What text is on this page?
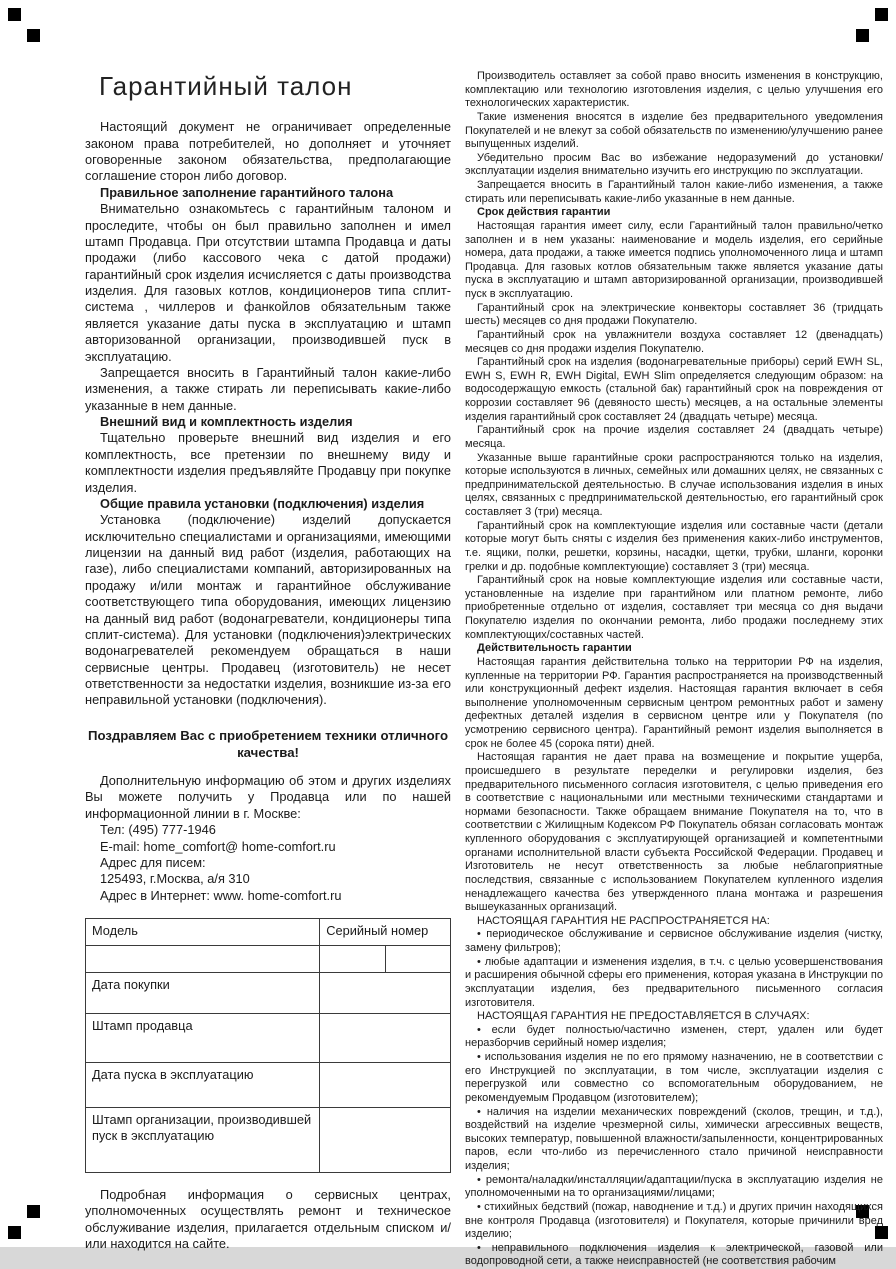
Гарантийный талон

Настоящий документ не ограничивает определенные законом права потребителей, но дополняет и уточняет оговоренные законом обязательства, предполагающие соглашение сторон либо договор.

Правильное заполнение гарантийного талона

Внимательно ознакомьтесь с гарантийным талоном и проследите, чтобы он был правильно заполнен и имел штамп Продавца. При отсутствии штампа Продавца и даты продажи (либо кассового чека с датой продажи) гарантийный срок изделия исчисляется с даты производства изделия. Для газовых котлов, кондиционеров типа сплит-система , чиллеров и фанкойлов обязательным также является указание даты пуска в эксплуатацию и штамп авторизованной организации, производившей пуск в эксплуатацию.

Запрещается вносить в Гарантийный талон какие-либо изменения, а также стирать ли переписывать какие-либо указанные в нем данные.

Внешний вид и комплектность изделия

Тщательно проверьте внешний вид изделия и его комплектность, все претензии по внешнему виду и комплектности изделия предъявляйте Продавцу при покупке изделия.

Общие правила установки (подключения) изделия

Установка (подключение) изделий допускается исключительно специалистами и организациями, имеющими лицензии на данный вид работ (изделия, работающих на газе), либо специалистами компаний, авторизированных на продажу и/или монтаж и гарантийное обслуживание соответствующего типа оборудования, имеющих лицензию на данный вид работ (водонагреватели, кондиционеры типа сплит-система). Для установки (подключения)электрических водонагревателей рекомендуем обращаться в наши сервисные центры. Продавец (изготовитель) не несет ответственности за недостатки изделия, возникшие из-за его неправильной установки (подключения).

Поздравляем Вас с приобретением техники отличного качества!

Дополнительную информацию об этом и других изделиях Вы можете получить у Продавца или по нашей информационной линии в г. Москве:

Тел: (495) 777-1946
E-mail: home_comfort@ home-comfort.ru
Адрес для писем:
125493, г.Москва, а/я 310
Адрес в Интернет: www. home-comfort.ru
Модель	Серийный номер	

Дата покупки		
Штамп продавца		
Дата пуска в эксплуатацию		
Штамп организации, производившей пуск в эксплуатацию		

Подробная информация о сервисных центрах, уполномоченных осуществлять ремонт и техническое обслуживание изделия, прилагается отдельным списком и/или находится на сайте.

Производитель оставляет за собой право вносить изменения в конструкцию, комплектацию или технологию изготовления изделия, с целью улучшения его технологических характеристик.

Такие изменения вносятся в изделие без предварительного уведомления Покупателей и не влекут за собой обязательств по изменению/улучшению ранее выпущенных изделий.

Убедительно просим Вас во избежание недоразумений до установки/эксплуатации изделия внимательно изучить его инструкцию по эксплуатации.

Запрещается вносить в Гарантийный талон какие-либо изменения, а также стирать или переписывать какие-либо указанные в нем данные.

Срок действия гарантии

Настоящая гарантия имеет силу, если Гарантийный талон правильно/четко заполнен и в нем указаны: наименование и модель изделия, его серийные номера, дата продажи, а также имеется подпись уполномоченного лица и штамп Продавца. Для газовых котлов обязательным также является указание даты пуска в эксплуатацию и штамп авторизированной организации, производившей пуск в эксплуатацию.

Гарантийный срок на электрические конвекторы составляет 36 (тридцать шесть) месяцев со дня продажи Покупателю.

Гарантийный срок на увлажнители воздуха составляет 12 (двенадцать) месяцев со дня продажи изделия Покупателю.

Гарантийный срок на изделия (водонагревательные приборы) серий EWH SL, EWH S, EWH R, EWH Digital, EWH Slim определяется следующим образом: на водосодержащую емкость (стальной бак) гарантийный срок на повреждения от коррозии составляет 96 (девяносто шесть) месяцев, а на остальные элементы изделия гарантийный срок составляет 24 (двадцать четыре) месяца.

Гарантийный срок на прочие изделия составляет 24 (двадцать четыре) месяца.

Указанные выше гарантийные сроки распространяются только на изделия, которые используются в личных, семейных или домашних целях, не связанных с предпринимательской деятельностью. В случае использования изделия в иных целях, связанных с предпринимательской деятельностью, его гарантийный срок составляет 3 (три) месяца.

Гарантийный срок на комплектующие изделия или составные части (детали которые могут быть сняты с изделия без применения каких-либо инструментов, т.е. ящики, полки, решетки, корзины, насадки, щетки, трубки, шланги, коронки грелки и др. подобные комплектующие) составляет 3 (три) месяца.

Гарантийный срок на новые комплектующие изделия или составные части, установленные на изделие при гарантийном или платном ремонте, либо приобретенные отдельно от изделия, составляет три месяца со дня выдачи Покупателю изделия по окончании ремонта, либо продажи последнему этих комплектующих/составных частей.

Действительность гарантии

Настоящая гарантия действительна только на территории РФ на изделия, купленные на территории РФ. Гарантия распространяется на производственный или конструкционный дефект изделия. Настоящая гарантия включает в себя выполнение уполномоченным сервисным центром ремонтных работ и замену дефектных деталей изделия в сервисном центре или у Покупателя (по усмотрению сервисного центра). Гарантийный ремонт изделия выполняется в срок не более 45 (сорока пяти) дней.

Настоящая гарантия не дает права на возмещение и покрытие ущерба, происшедшего в результате переделки и регулировки изделия, без предварительного письменного согласия изготовителя, с целью приведения его в соответствие с национальными или местными техническими стандартами и нормами безопасности. Также обращаем внимание Покупателя на то, что в соответствии с Жилищным Кодексом РФ Покупатель обязан согласовать монтаж купленного оборудования с эксплуатирующей организацией и компетентными органами исполнительной власти субъекта Российской Федерации. Продавец и Изготовитель не несут ответственность за любые неблагоприятные последствия, связанные с использованием Покупателем купленного изделия ненадлежащего качества без утвержденного плана монтажа и разрешения вышеуказанных организаций.

НАСТОЯЩАЯ ГАРАНТИЯ НЕ РАСПРОСТРАНЯЕТСЯ НА:

• периодическое обслуживание и сервисное обслуживание изделия (чистку, замену фильтров);

• любые адаптации и изменения изделия, в т.ч. с целью усовершенствования и расширения обычной сферы его применения, которая указана в Инструкции по эксплуатации изделия, без предварительного письменного согласия изготовителя.

НАСТОЯЩАЯ ГАРАНТИЯ НЕ ПРЕДОСТАВЛЯЕТСЯ В СЛУЧАЯХ:

• если будет полностью/частично изменен, стерт, удален или будет неразборчив серийный номер изделия;

• использования изделия не по его прямому назначению, не в соответствии с его Инструкцией по эксплуатации, в том числе, эксплуатации изделия с перегрузкой или совместно со вспомогательным оборудованием, не рекомендуемым Продавцом (изготовителем);

• наличия на изделии механических повреждений (сколов, трещин, и т.д.), воздействий на изделие чрезмерной силы, химически агрессивных веществ, высоких температур, повышенной влажности/запыленности, концентрированных паров, если что-либо из перечисленного стало причиной неисправности изделия;

• ремонта/наладки/инсталляции/адаптации/пуска в эксплуатацию изделия не уполномоченными на то организациями/лицами;

• стихийных бедствий (пожар, наводнение и т.д.) и других причин находящихся вне контроля Продавца (изготовителя) и Покупателя, которые причинили вред изделию;

• неправильного подключения изделия к электрической, газовой или водопроводной сети, а также неисправностей (не соответствия рабочим
